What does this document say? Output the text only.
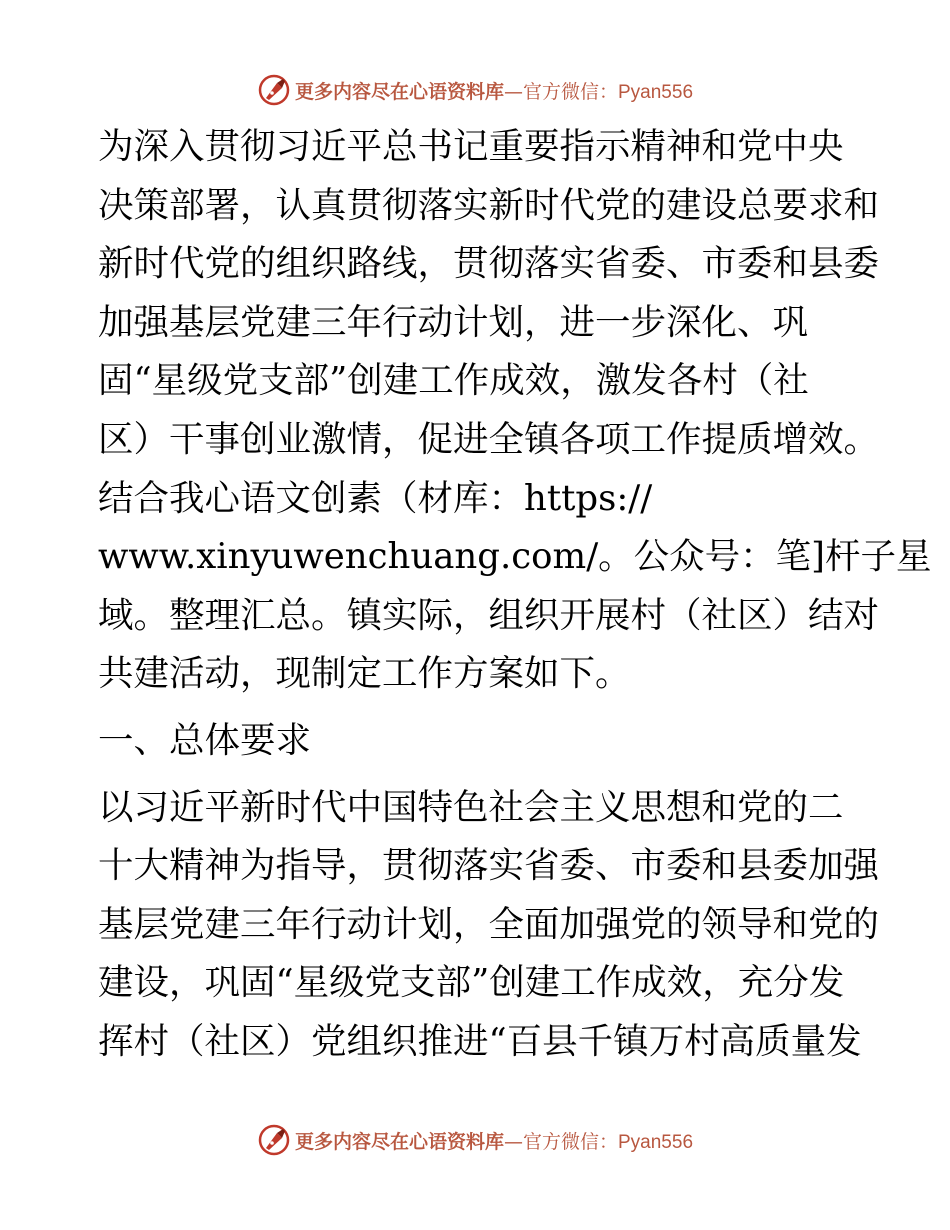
更多内容尽在心语资料库—官方微信：Pyan556
为深入贯彻习近平总书记重要指示精神和党中央
决策部署，认真贯彻落实新时代党的建设总要求和
新时代党的组织路线，贯彻落实省委、市委和县委
加强基层党建三年行动计划，进一步深化、巩
固“星级党支部”创建工作成效，激发各村（社
区）干事创业激情，促进全镇各项工作提质增效。
结合我心语文创素（材库：https://
www.xinyuwenchuang.com/。公众号：笔]杆子星
域。整理汇总。镇实际，组织开展村（社区）结对
共建活动，现制定工作方案如下。
一、总体要求
以习近平新时代中国特色社会主义思想和党的二
十大精神为指导，贯彻落实省委、市委和县委加强
基层党建三年行动计划，全面加强党的领导和党的
建设，巩固“星级党支部”创建工作成效，充分发
挥村（社区）党组织推进“百县千镇万村高质量发
更多内容尽在心语资料库—官方微信：Pyan556
